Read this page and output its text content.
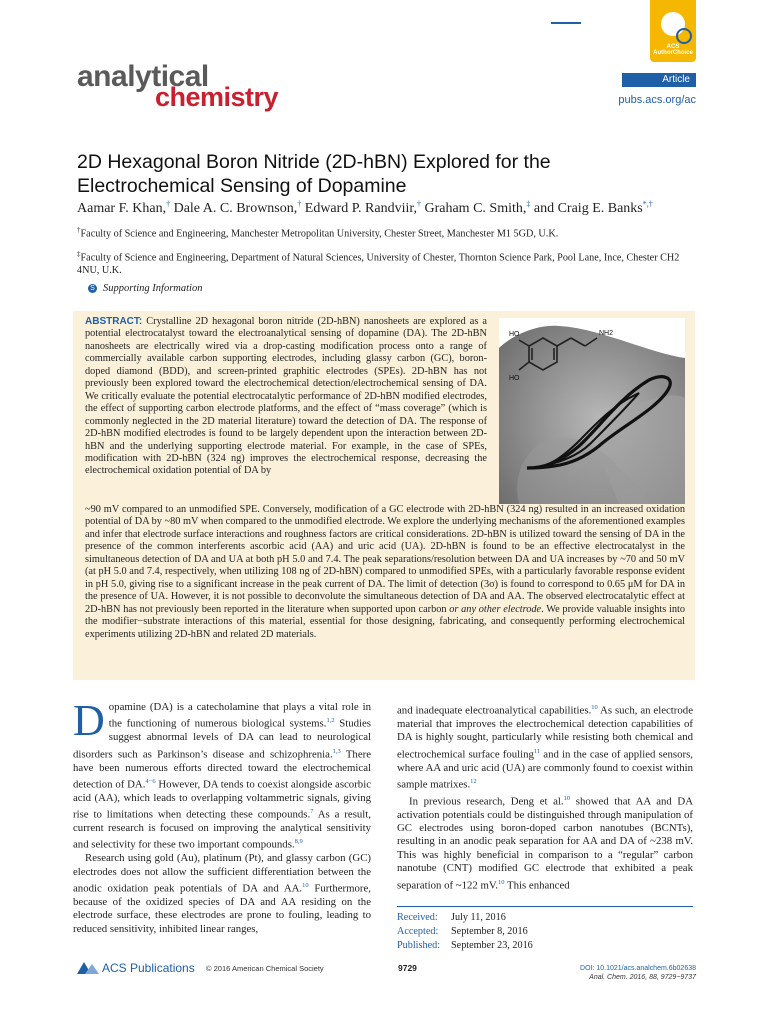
analytical
chemistry
ACS AuthorChoice
Article
pubs.acs.org/ac
2D Hexagonal Boron Nitride (2D-hBN) Explored for the Electrochemical Sensing of Dopamine
Aamar F. Khan,† Dale A. C. Brownson,† Edward P. Randviir,† Graham C. Smith,‡ and Craig E. Banks*,†
†Faculty of Science and Engineering, Manchester Metropolitan University, Chester Street, Manchester M1 5GD, U.K.
‡Faculty of Science and Engineering, Department of Natural Sciences, University of Chester, Thornton Science Park, Pool Lane, Ince, Chester CH2 4NU, U.K.
S Supporting Information
ABSTRACT: Crystalline 2D hexagonal boron nitride (2D-hBN) nanosheets are explored as a potential electrocatalyst toward the electroanalytical sensing of dopamine (DA). The 2D-hBN nanosheets are electrically wired via a drop-casting modification process onto a range of commercially available carbon supporting electrodes, including glassy carbon (GC), boron-doped diamond (BDD), and screen-printed graphitic electrodes (SPEs). 2D-hBN has not previously been explored toward the electrochemical detection/electrochemical sensing of DA. We critically evaluate the potential electrocatalytic performance of 2D-hBN modified electrodes, the effect of supporting carbon electrode platforms, and the effect of “mass coverage” (which is commonly neglected in the 2D material literature) toward the detection of DA. The response of 2D-hBN modified electrodes is found to be largely dependent upon the interaction between 2D-hBN and the underlying supporting electrode material. For example, in the case of SPEs, modification with 2D-hBN (324 ng) improves the electrochemical response, decreasing the electrochemical oxidation potential of DA by
HO
HO
NH2
~90 mV compared to an unmodified SPE. Conversely, modification of a GC electrode with 2D-hBN (324 ng) resulted in an increased oxidation potential of DA by ~80 mV when compared to the unmodified electrode. We explore the underlying mechanisms of the aforementioned examples and infer that electrode surface interactions and roughness factors are critical considerations. 2D-hBN is utilized toward the sensing of DA in the presence of the common interferents ascorbic acid (AA) and uric acid (UA). 2D-hBN is found to be an effective electrocatalyst in the simultaneous detection of DA and UA at both pH 5.0 and 7.4. The peak separations/resolution between DA and UA increases by ~70 and 50 mV (at pH 5.0 and 7.4, respectively, when utilizing 108 ng of 2D-hBN) compared to unmodified SPEs, with a particularly favorable response evident in pH 5.0, giving rise to a significant increase in the peak current of DA. The limit of detection (3σ) is found to correspond to 0.65 μM for DA in the presence of UA. However, it is not possible to deconvolute the simultaneous detection of DA and AA. The observed electrocatalytic effect at 2D-hBN has not previously been reported in the literature when supported upon carbon or any other electrode. We provide valuable insights into the modifier−substrate interactions of this material, essential for those designing, fabricating, and consequently performing electrochemical experiments utilizing 2D-hBN and related 2D materials.

Dopamine (DA) is a catecholamine that plays a vital role in the functioning of numerous biological systems.$^{1,2}$ Studies suggest abnormal levels of DA can lead to neurological disorders such as Parkinson’s disease and schizophrenia.$^{1,3}$ There have been numerous efforts directed toward the electrochemical detection of DA.$^{4-6}$ However, DA tends to coexist alongside ascorbic acid (AA), which leads to overlapping voltammetric signals, giving rise to limitations when detecting these compounds.$^7$ As a result, current research is focused on improving the analytical sensitivity and selectivity for these two important compounds.$^{8,9}$

Research using gold (Au), platinum (Pt), and glassy carbon (GC) electrodes does not allow the sufficient differentiation between the anodic oxidation peak potentials of DA and AA.$^{10}$ Furthermore, because of the oxidized species of DA and AA residing on the electrode surface, these electrodes are prone to fouling, leading to reduced sensitivity, inhibited linear ranges,

and inadequate electroanalytical capabilities.$^{10}$ As such, an electrode material that improves the electrochemical detection capabilities of DA is highly sought, particularly while resisting both chemical and electrochemical surface fouling$^{11}$ and in the case of applied sensors, where AA and uric acid (UA) are commonly found to coexist within sample matrixes.$^{12}$

In previous research, Deng et al.$^{10}$ showed that AA and DA activation potentials could be distinguished through manipulation of GC electrodes using boron-doped carbon nanotubes (BCNTs), resulting in an anodic peak separation for AA and DA of ~238 mV. This was highly beneficial in comparison to a “regular” carbon nanotube (CNT) modified GC electrode that exhibited a peak separation of ~122 mV.$^{10}$ This enhanced

Received: July 11, 2016
Accepted: September 8, 2016
Published: September 23, 2016
ACS Publications © 2016 American Chemical Society	9729	DOI: 10.1021/acs.analchem.6b02638
Anal. Chem. 2016, 88, 9729−9737
